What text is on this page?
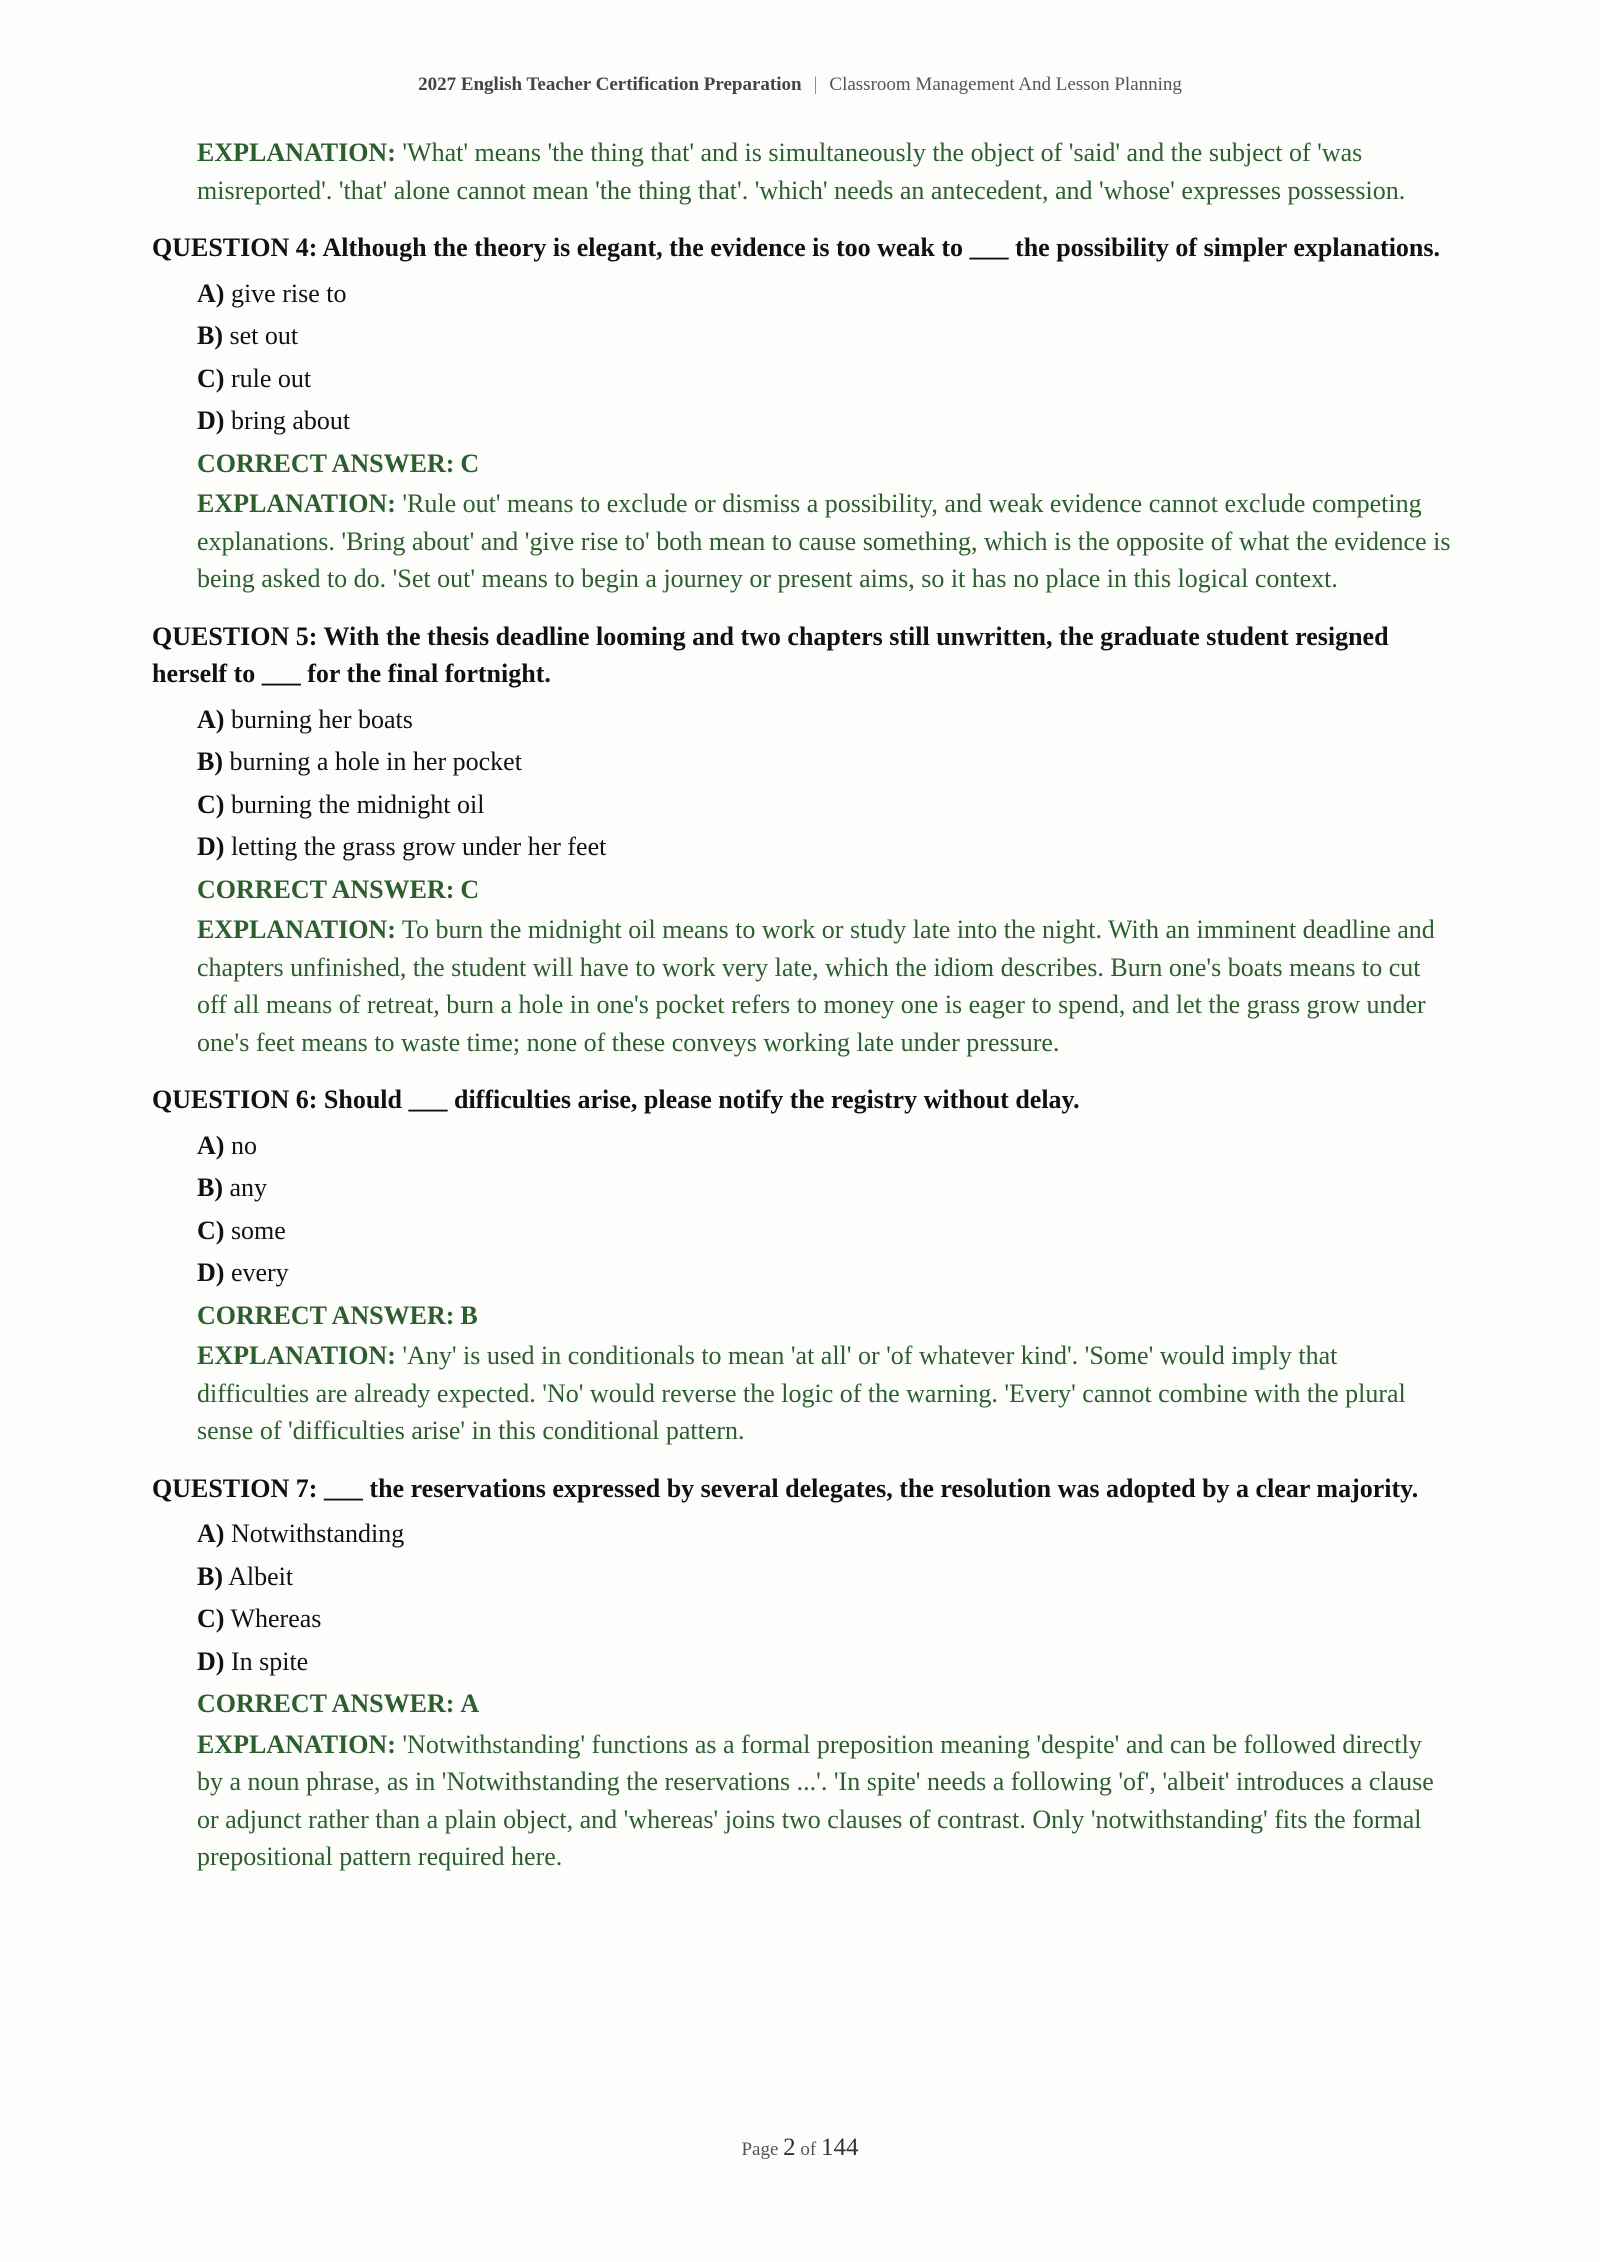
2027 English Teacher Certification Preparation | Classroom Management And Lesson Planning
EXPLANATION: 'What' means 'the thing that' and is simultaneously the object of 'said' and the subject of 'was misreported'. 'that' alone cannot mean 'the thing that'. 'which' needs an antecedent, and 'whose' expresses possession.
QUESTION 4: Although the theory is elegant, the evidence is too weak to ___ the possibility of simpler explanations.
A) give rise to
B) set out
C) rule out
D) bring about
CORRECT ANSWER: C
EXPLANATION: 'Rule out' means to exclude or dismiss a possibility, and weak evidence cannot exclude competing explanations. 'Bring about' and 'give rise to' both mean to cause something, which is the opposite of what the evidence is being asked to do. 'Set out' means to begin a journey or present aims, so it has no place in this logical context.
QUESTION 5: With the thesis deadline looming and two chapters still unwritten, the graduate student resigned herself to ___ for the final fortnight.
A) burning her boats
B) burning a hole in her pocket
C) burning the midnight oil
D) letting the grass grow under her feet
CORRECT ANSWER: C
EXPLANATION: To burn the midnight oil means to work or study late into the night. With an imminent deadline and chapters unfinished, the student will have to work very late, which the idiom describes. Burn one's boats means to cut off all means of retreat, burn a hole in one's pocket refers to money one is eager to spend, and let the grass grow under one's feet means to waste time; none of these conveys working late under pressure.
QUESTION 6: Should ___ difficulties arise, please notify the registry without delay.
A) no
B) any
C) some
D) every
CORRECT ANSWER: B
EXPLANATION: 'Any' is used in conditionals to mean 'at all' or 'of whatever kind'. 'Some' would imply that difficulties are already expected. 'No' would reverse the logic of the warning. 'Every' cannot combine with the plural sense of 'difficulties arise' in this conditional pattern.
QUESTION 7: ___ the reservations expressed by several delegates, the resolution was adopted by a clear majority.
A) Notwithstanding
B) Albeit
C) Whereas
D) In spite
CORRECT ANSWER: A
EXPLANATION: 'Notwithstanding' functions as a formal preposition meaning 'despite' and can be followed directly by a noun phrase, as in 'Notwithstanding the reservations ...'. 'In spite' needs a following 'of', 'albeit' introduces a clause or adjunct rather than a plain object, and 'whereas' joins two clauses of contrast. Only 'notwithstanding' fits the formal prepositional pattern required here.
Page 2 of 144
